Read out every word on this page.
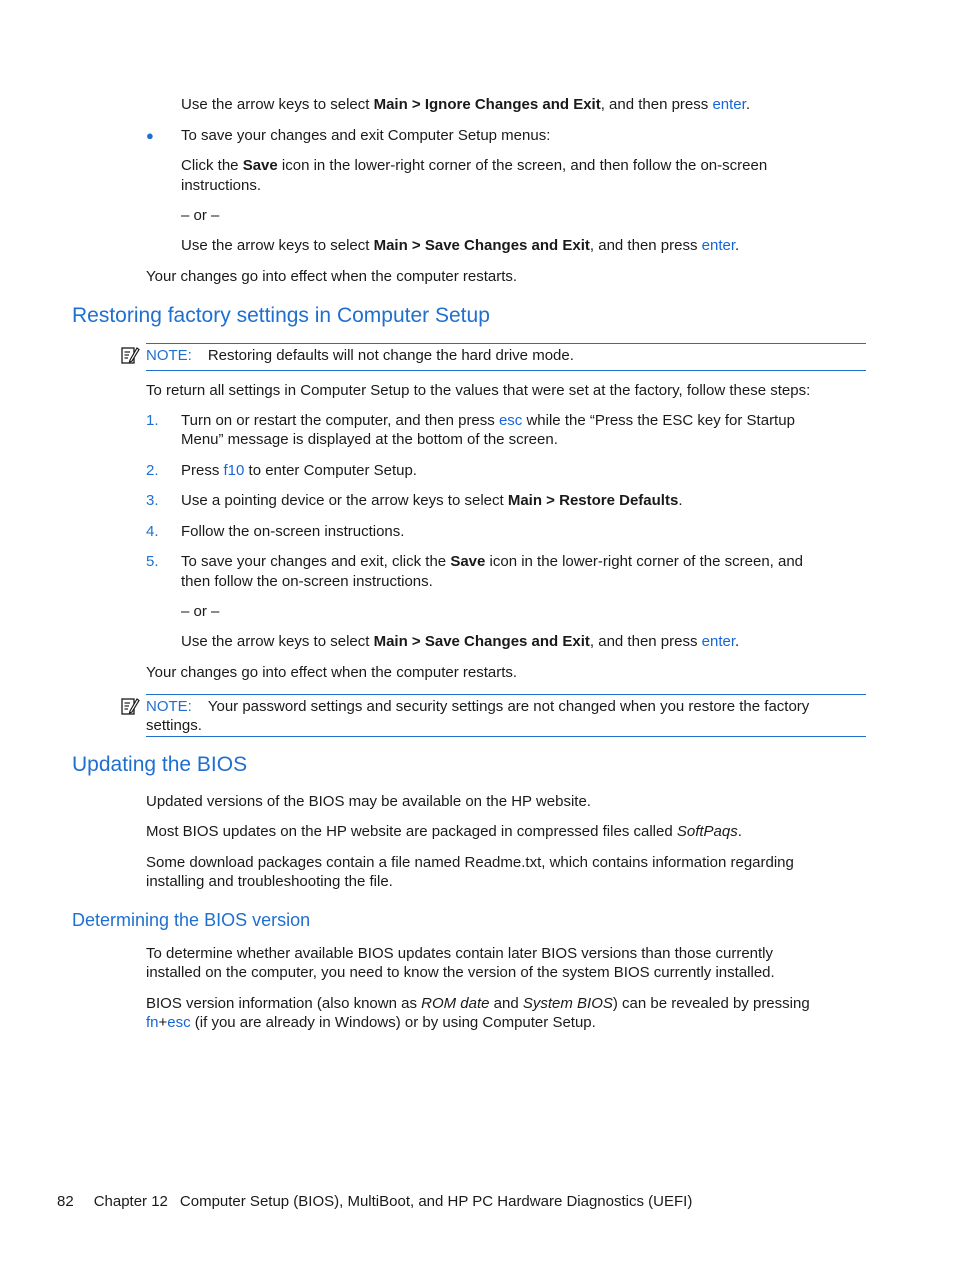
Use the arrow keys to select Main > Ignore Changes and Exit, and then press enter.
● To save your changes and exit Computer Setup menus:
Click the Save icon in the lower-right corner of the screen, and then follow the on-screen
instructions.
– or –
Use the arrow keys to select Main > Save Changes and Exit, and then press enter.
Your changes go into effect when the computer restarts.
Restoring factory settings in Computer Setup
NOTE: Restoring defaults will not change the hard drive mode.
To return all settings in Computer Setup to the values that were set at the factory, follow these steps:
1. Turn on or restart the computer, and then press esc while the “Press the ESC key for Startup
Menu” message is displayed at the bottom of the screen.
2. Press f10 to enter Computer Setup.
3. Use a pointing device or the arrow keys to select Main > Restore Defaults.
4. Follow the on-screen instructions.
5. To save your changes and exit, click the Save icon in the lower-right corner of the screen, and
then follow the on-screen instructions.
– or –
Use the arrow keys to select Main > Save Changes and Exit, and then press enter.
Your changes go into effect when the computer restarts.
NOTE: Your password settings and security settings are not changed when you restore the factory
settings.
Updating the BIOS
Updated versions of the BIOS may be available on the HP website.
Most BIOS updates on the HP website are packaged in compressed files called SoftPaqs.
Some download packages contain a file named Readme.txt, which contains information regarding
installing and troubleshooting the file.
Determining the BIOS version
To determine whether available BIOS updates contain later BIOS versions than those currently
installed on the computer, you need to know the version of the system BIOS currently installed.
BIOS version information (also known as ROM date and System BIOS) can be revealed by pressing
fn+esc (if you are already in Windows) or by using Computer Setup.
82 Chapter 12 Computer Setup (BIOS), MultiBoot, and HP PC Hardware Diagnostics (UEFI)
